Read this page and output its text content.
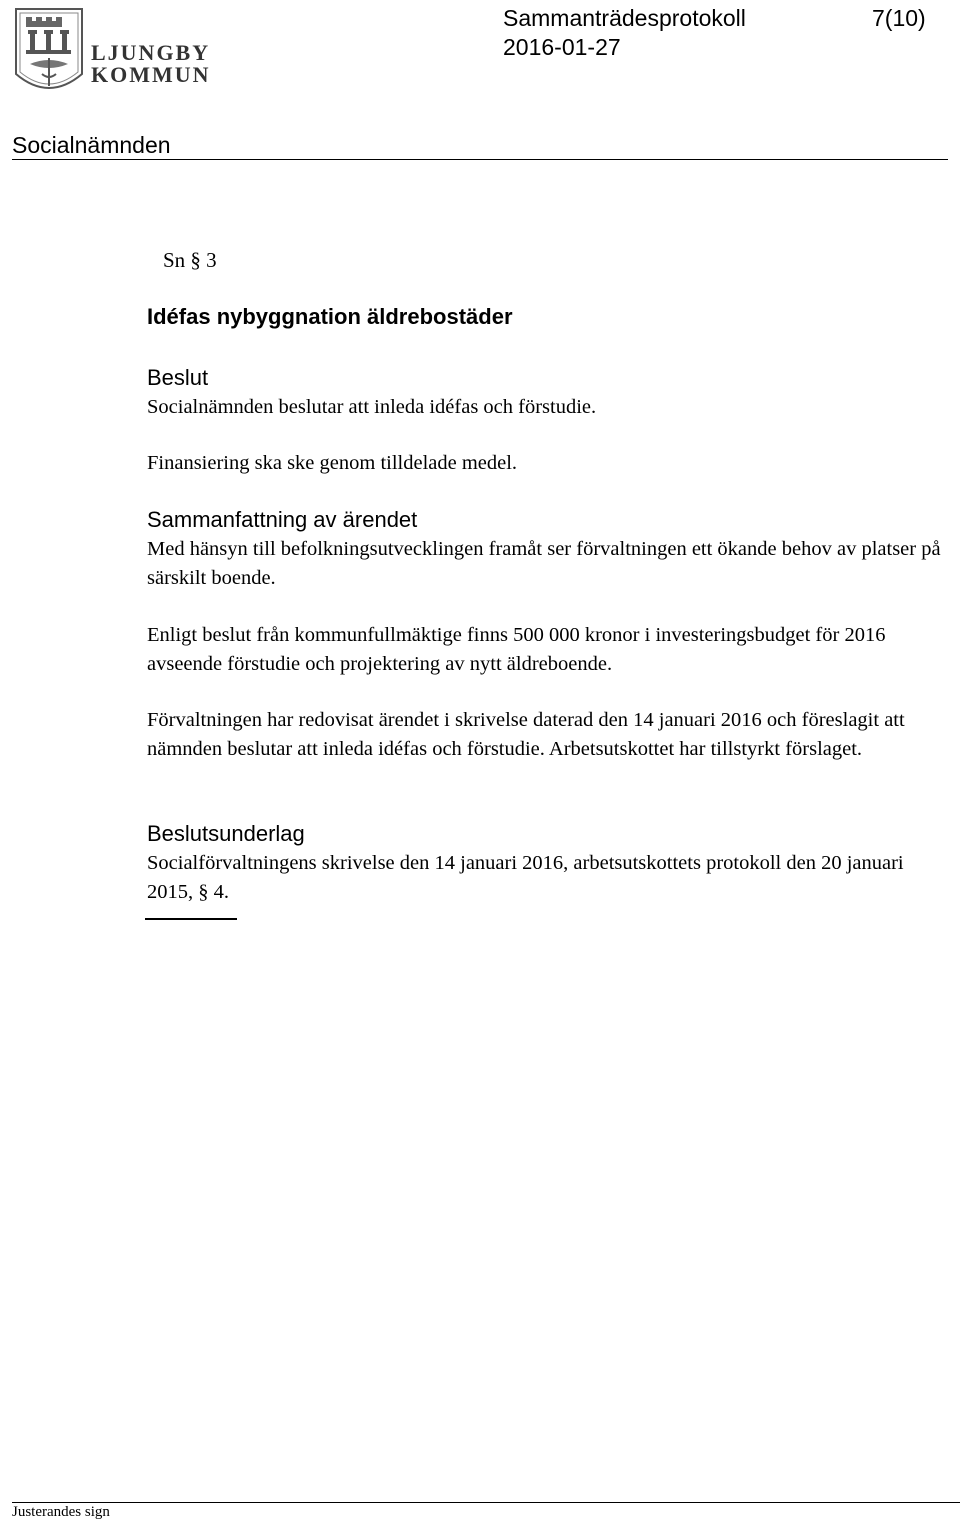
LJUNGBY
KOMMUN
Sammanträdesprotokoll	7(10)
2016-01-27
Socialnämnden
Sn § 3
Idéfas nybyggnation äldrebostäder
Beslut
Socialnämnden beslutar att inleda idéfas och förstudie.
Finansiering ska ske genom tilldelade medel.
Sammanfattning av ärendet

Med hänsyn till befolkningsutvecklingen framåt ser förvaltningen ett ökande behov av platser på särskilt boende.

Enligt beslut från kommunfullmäktige finns 500 000 kronor i investeringsbudget för 2016 avseende förstudie och projektering av nytt äldreboende.

Förvaltningen har redovisat ärendet i skrivelse daterad den 14 januari 2016 och föreslagit att nämnden beslutar att inleda idéfas och förstudie. Arbetsutskottet har tillstyrkt förslaget.

Beslutsunderlag

Socialförvaltningens skrivelse den 14 januari 2016, arbetsutskottets protokoll den 20 januari 2015, § 4.

Justerandes sign
